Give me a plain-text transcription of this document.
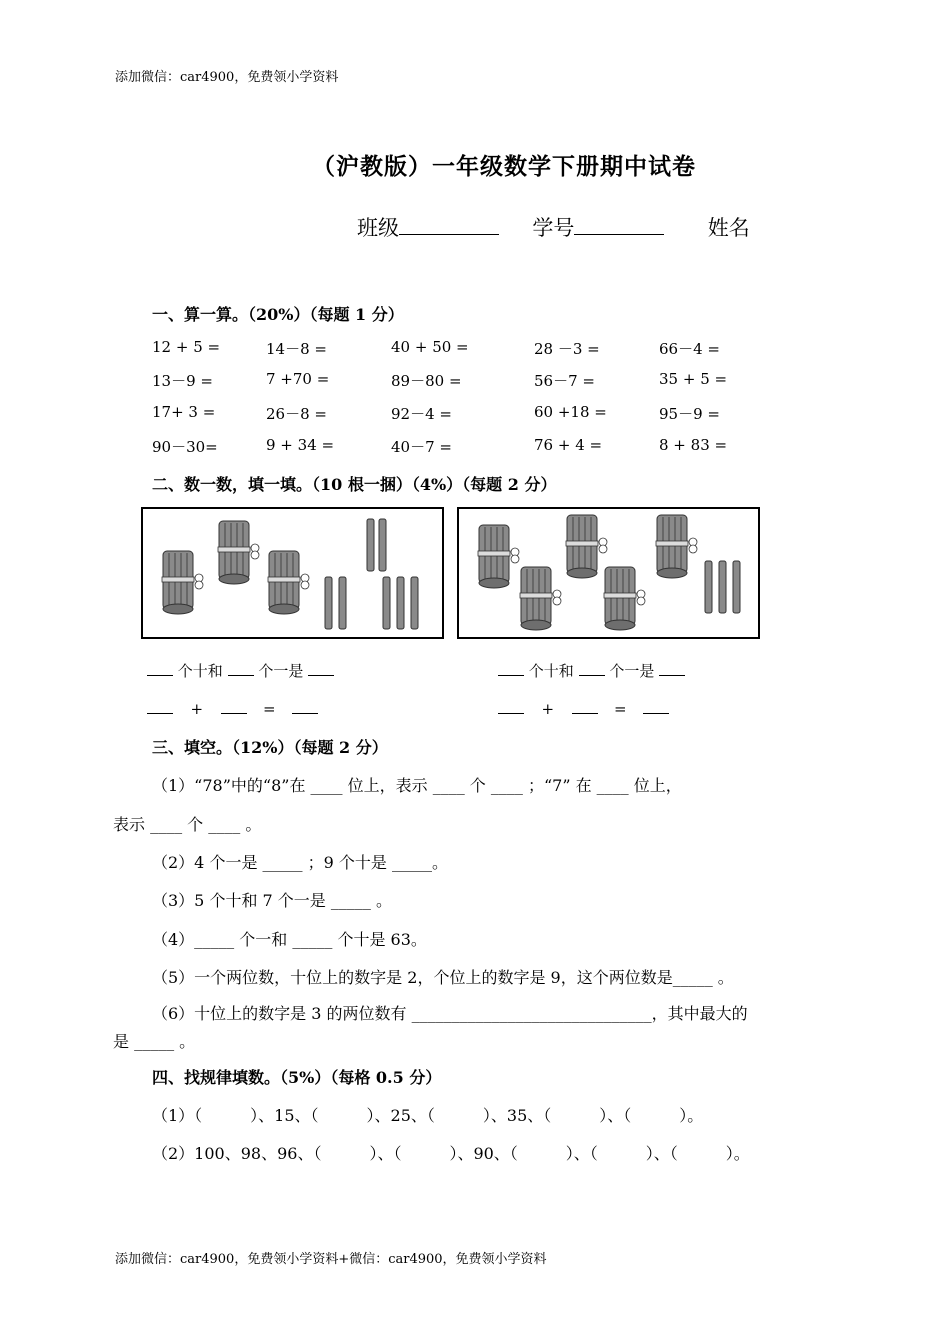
添加微信：car4900，免费领小学资料
添加微信：car4900，免费领小学资料+微信：car4900，免费领小学资料
（沪教版）一年级数学下册期中试卷
班级	学号	姓名
一、算一算。（20%）（每题 1 分）
12 + 5 =	14－8 =	40 + 50 =	28 －3 =	66－4 =
13－9 =	7 +70 =	89－80 =	56－7 =	35 + 5 =
17+ 3 =	26－8 =	92－4 =	60 +18 =	95－9 =
90－30=	9 + 34 =	40－7 =	76 + 4 =	8 + 83 =
二、数一数，填一填。（10 根一捆）（4%）（每题 2 分）
个十和 个一是	个十和 个一是
+	=	+	=
三、填空。（12%）（每题 2 分）
（1）“78”中的“8”在 ____ 位上，表示 ____ 个 ____ ；“7” 在 ____ 位上，
表示 ____ 个 ____ 。
（2）4 个一是 _____ ；9 个十是 _____。
（3）5 个十和 7 个一是 _____ 。
（4）_____ 个一和 _____ 个十是 63。
（5）一个两位数，十位上的数字是 2，个位上的数字是 9，这个两位数是_____ 。
（6）十位上的数字是 3 的两位数有 ______________________________，其中最大的
是 _____ 。
四、找规律填数。（5%）（每格 0.5 分）
（1）（　　　）、15、（　　　）、25、（　　　）、35、（　　　）、（　　　）。
（2）100、98、96、（　　　）、（　　　）、90、（　　　）、（　　　）、（　　　）。
